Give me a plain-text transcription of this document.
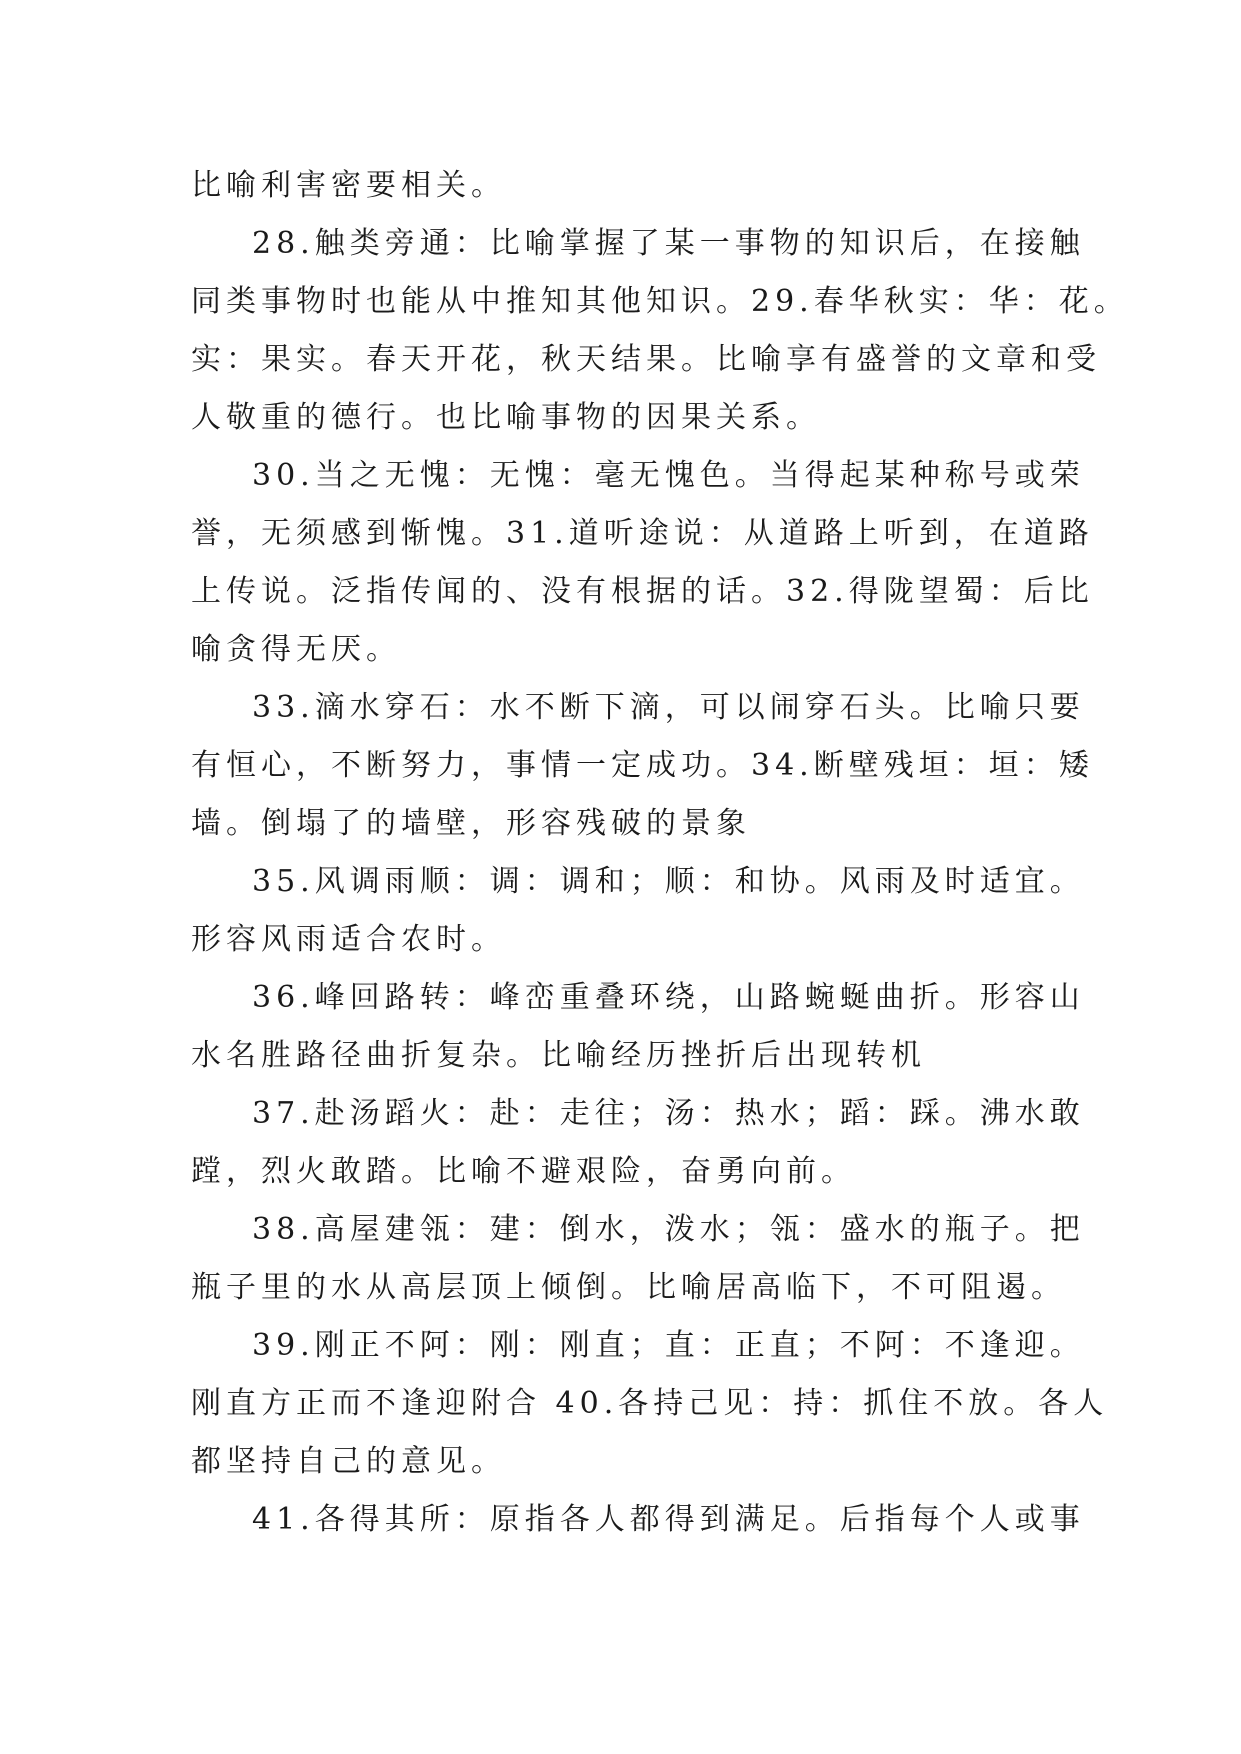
比喻利害密要相关。
28.触类旁通：比喻掌握了某一事物的知识后，在接触
同类事物时也能从中推知其他知识。29.春华秋实：华：花。
实：果实。春天开花，秋天结果。比喻享有盛誉的文章和受
人敬重的德行。也比喻事物的因果关系。
30.当之无愧：无愧：毫无愧色。当得起某种称号或荣
誉，无须感到惭愧。31.道听途说：从道路上听到，在道路
上传说。泛指传闻的、没有根据的话。32.得陇望蜀：后比
喻贪得无厌。
33.滴水穿石：水不断下滴，可以闹穿石头。比喻只要
有恒心，不断努力，事情一定成功。34.断壁残垣：垣：矮
墙。倒塌了的墙壁，形容残破的景象
35.风调雨顺：调：调和；顺：和协。风雨及时适宜。
形容风雨适合农时。
36.峰回路转：峰峦重叠环绕，山路蜿蜒曲折。形容山
水名胜路径曲折复杂。比喻经历挫折后出现转机
37.赴汤蹈火：赴：走往；汤：热水；蹈：踩。沸水敢
蹚，烈火敢踏。比喻不避艰险，奋勇向前。
38.高屋建瓴：建：倒水，泼水；瓴：盛水的瓶子。把
瓶子里的水从高层顶上倾倒。比喻居高临下，不可阻遏。
39.刚正不阿：刚：刚直；直：正直；不阿：不逢迎。
刚直方正而不逢迎附合 40.各持己见：持：抓住不放。各人
都坚持自己的意见。
41.各得其所：原指各人都得到满足。后指每个人或事
